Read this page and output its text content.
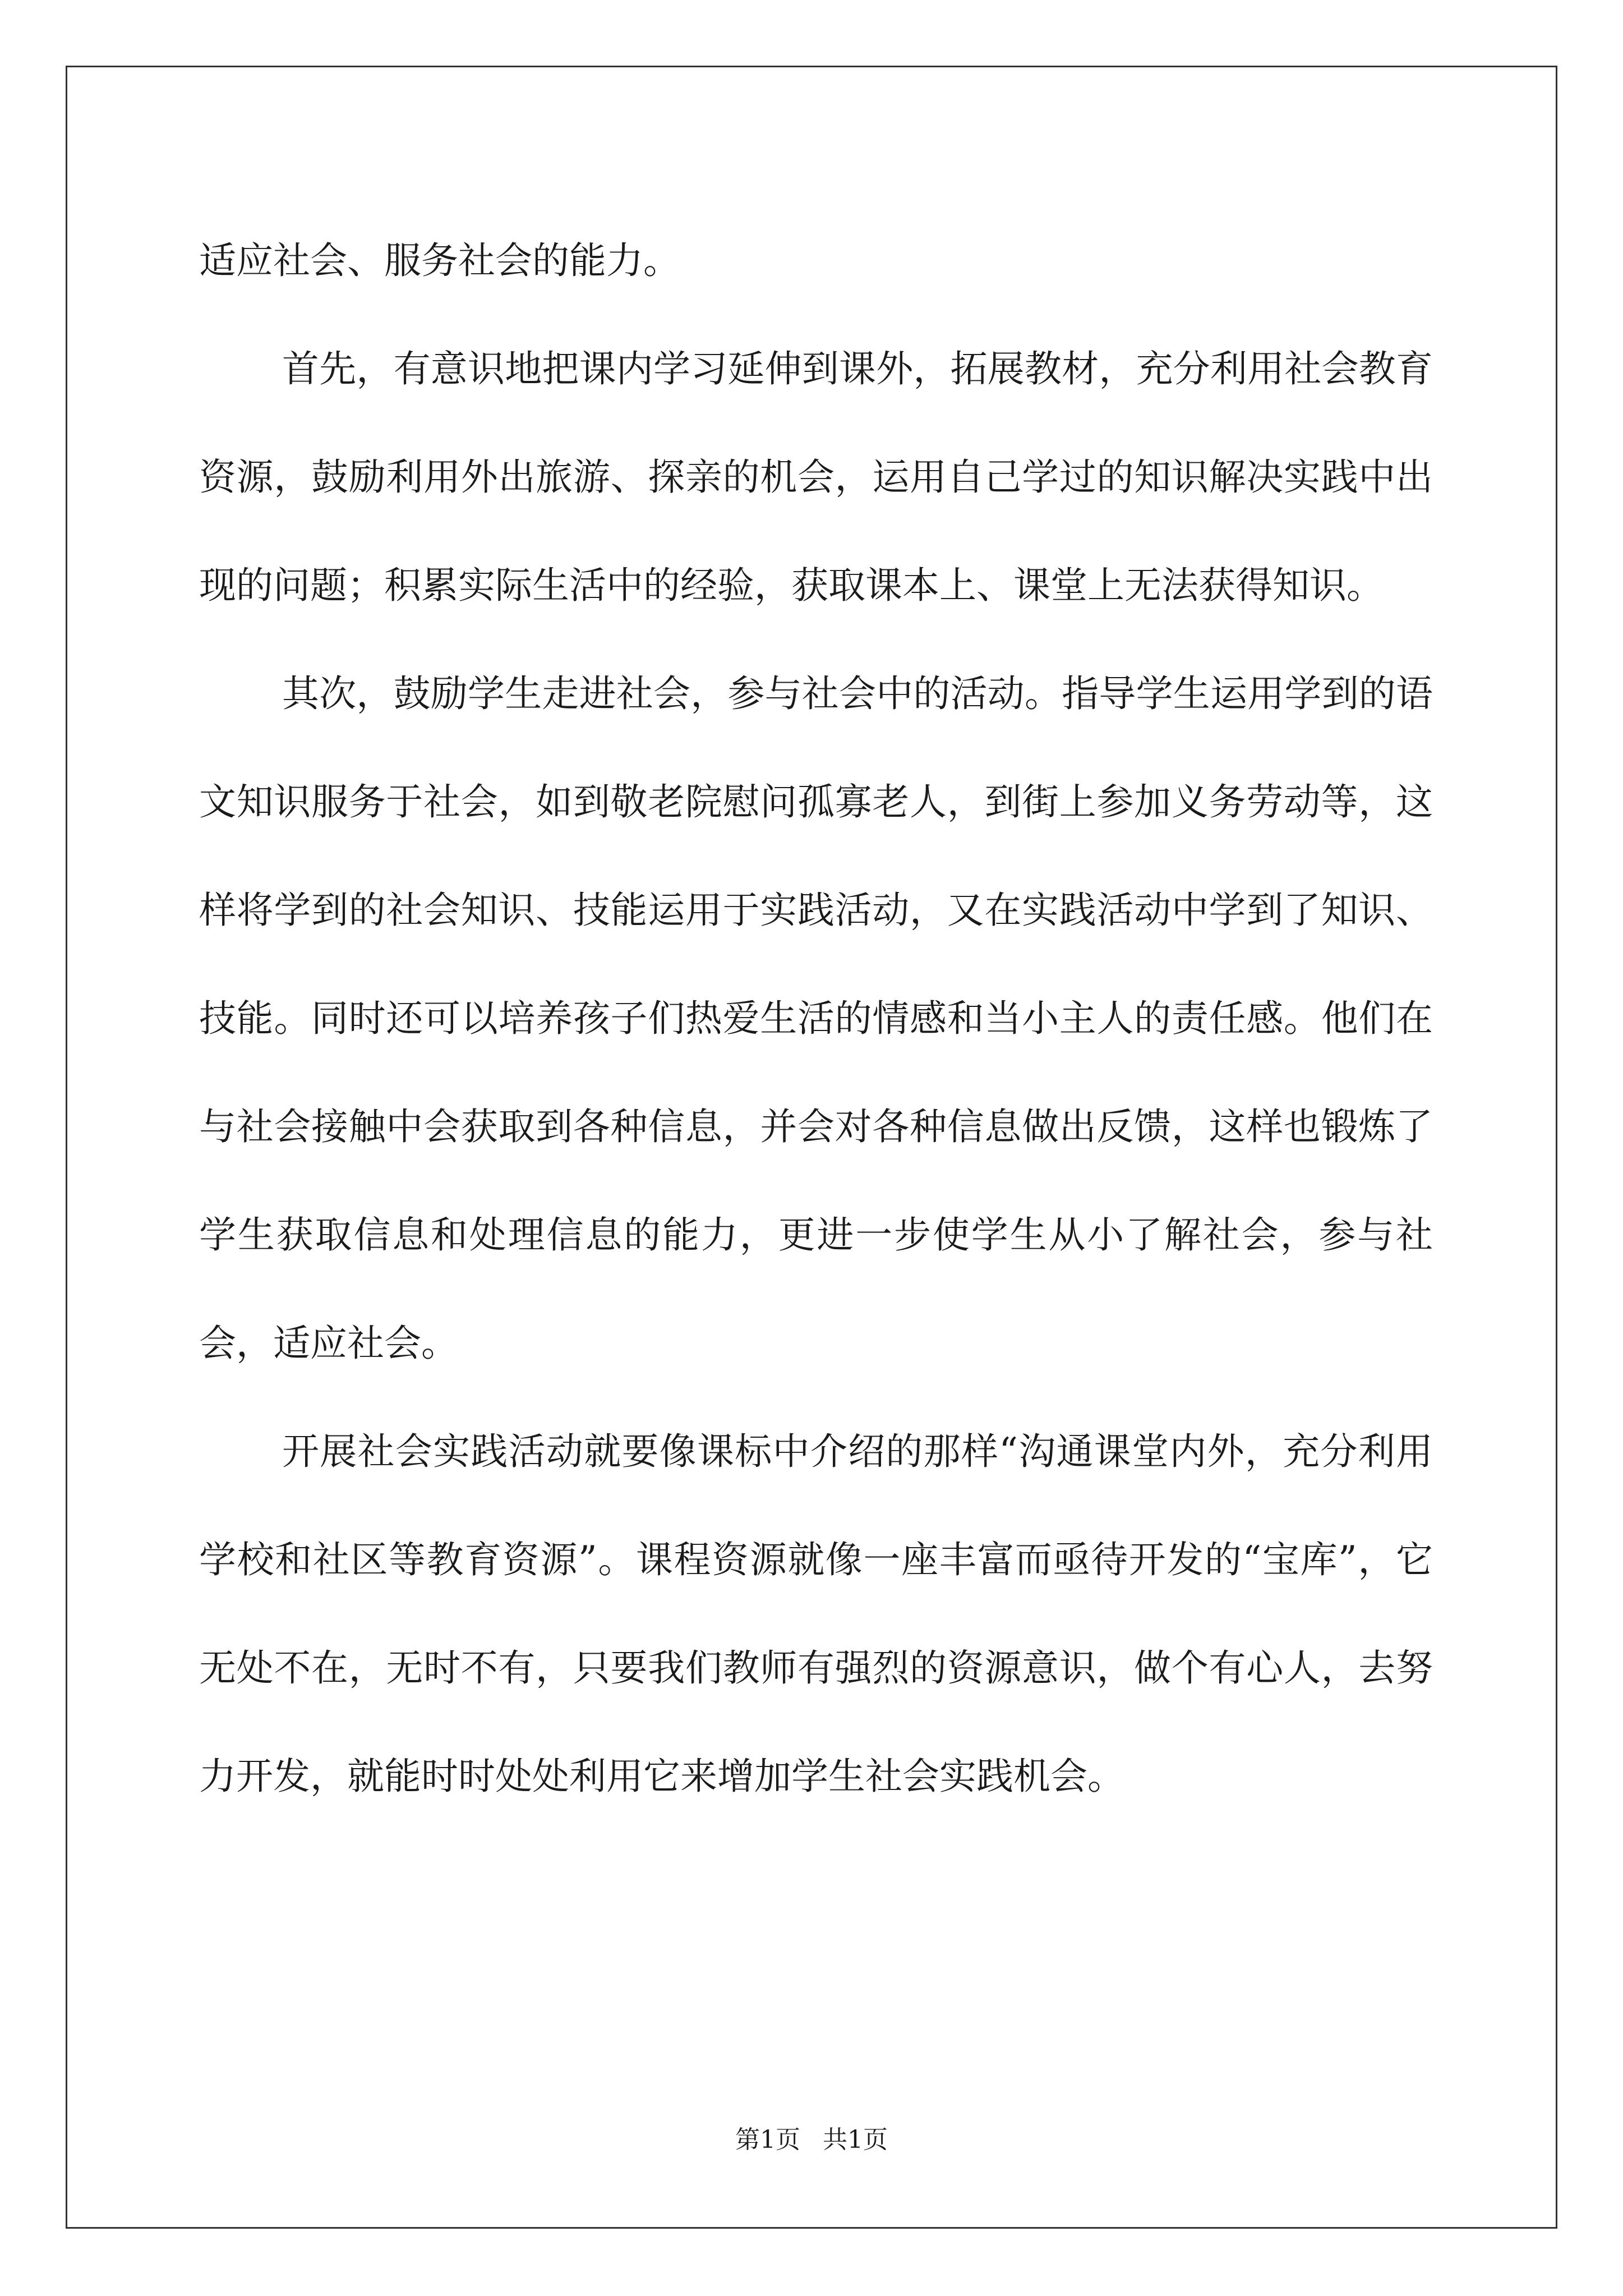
适应社会、服务社会的能力。

首先，有意识地把课内学习延伸到课外，拓展教材，充分利用社会教育资源，鼓励利用外出旅游、探亲的机会，运用自己学过的知识解决实践中出现的问题；积累实际生活中的经验，获取课本上、课堂上无法获得知识。

其次，鼓励学生走进社会，参与社会中的活动。指导学生运用学到的语文知识服务于社会，如到敬老院慰问孤寡老人，到街上参加义务劳动等，这样将学到的社会知识、技能运用于实践活动，又在实践活动中学到了知识、技能。同时还可以培养孩子们热爱生活的情感和当小主人的责任感。他们在与社会接触中会获取到各种信息，并会对各种信息做出反馈，这样也锻炼了学生获取信息和处理信息的能力，更进一步使学生从小了解社会，参与社会，适应社会。

开展社会实践活动就要像课标中介绍的那样“沟通课堂内外，充分利用学校和社区等教育资源”。课程资源就像一座丰富而亟待开发的“宝库”，它无处不在，无时不有，只要我们教师有强烈的资源意识，做个有心人，去努力开发，就能时时处处利用它来增加学生社会实践机会。

第1页 共1页
